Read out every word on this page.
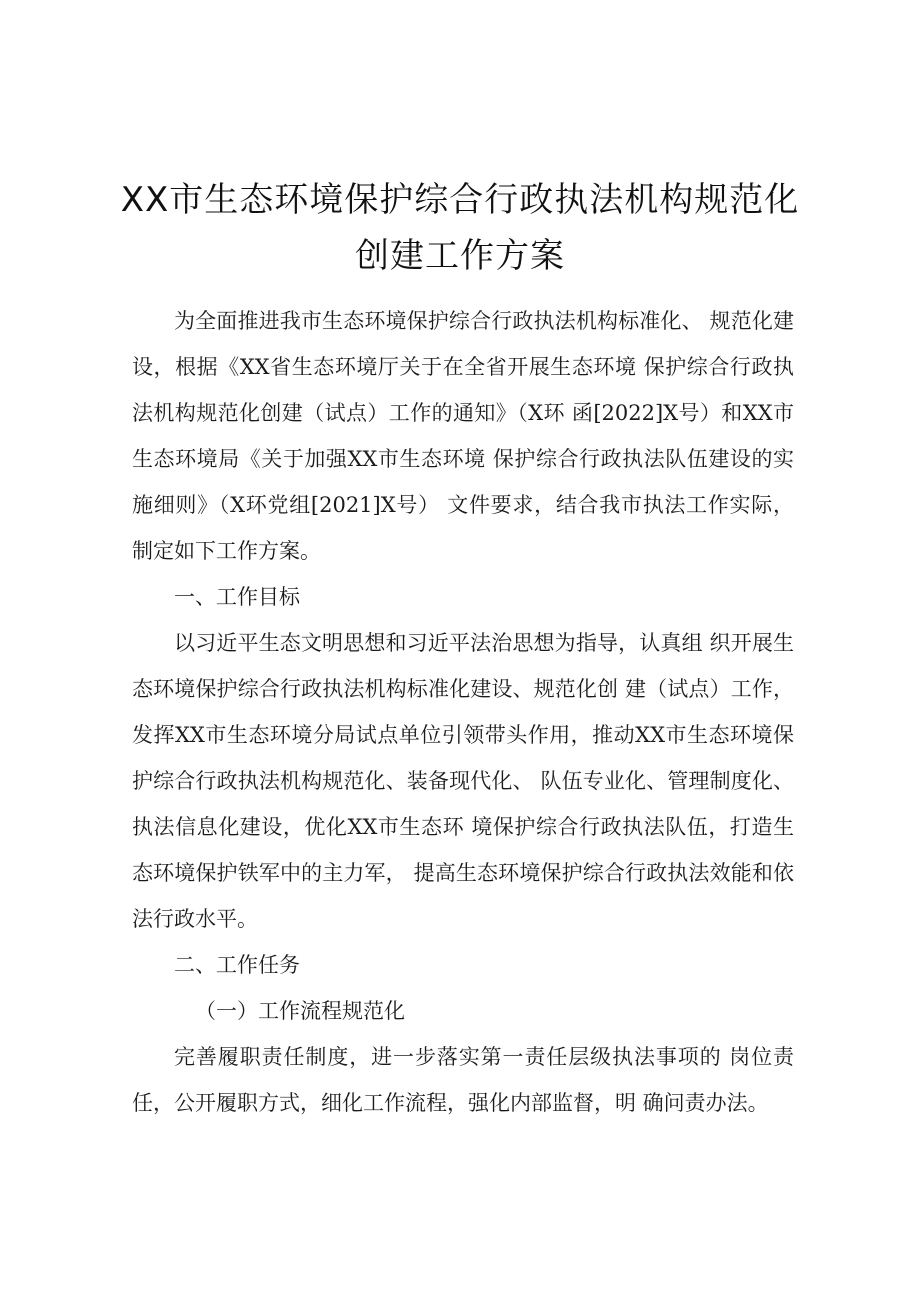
XX市生态环境保护综合行政执法机构规范化
创建工作方案

为全面推进我市生态环境保护综合行政执法机构标准化、 规范化建设，根据《XX省生态环境厅关于在全省开展生态环境 保护综合行政执法机构规范化创建（试点）工作的通知》（X环 函[2022]X号）和XX市生态环境局《关于加强XX市生态环境 保护综合行政执法队伍建设的实施细则》（X环党组[2021]X号） 文件要求，结合我市执法工作实际，制定如下工作方案。

一、工作目标

以习近平生态文明思想和习近平法治思想为指导，认真组 织开展生态环境保护综合行政执法机构标准化建设、规范化创 建（试点）工作，发挥XX市生态环境分局试点单位引领带头作用，推动XX市生态环境保护综合行政执法机构规范化、装备现代化、 队伍专业化、管理制度化、执法信息化建设，优化XX市生态环 境保护综合行政执法队伍，打造生态环境保护铁军中的主力军， 提高生态环境保护综合行政执法效能和依法行政水平。

二、工作任务

（一）工作流程规范化

完善履职责任制度，进一步落实第一责任层级执法事项的 岗位责任，公开履职方式，细化工作流程，强化内部监督，明 确问责办法。
